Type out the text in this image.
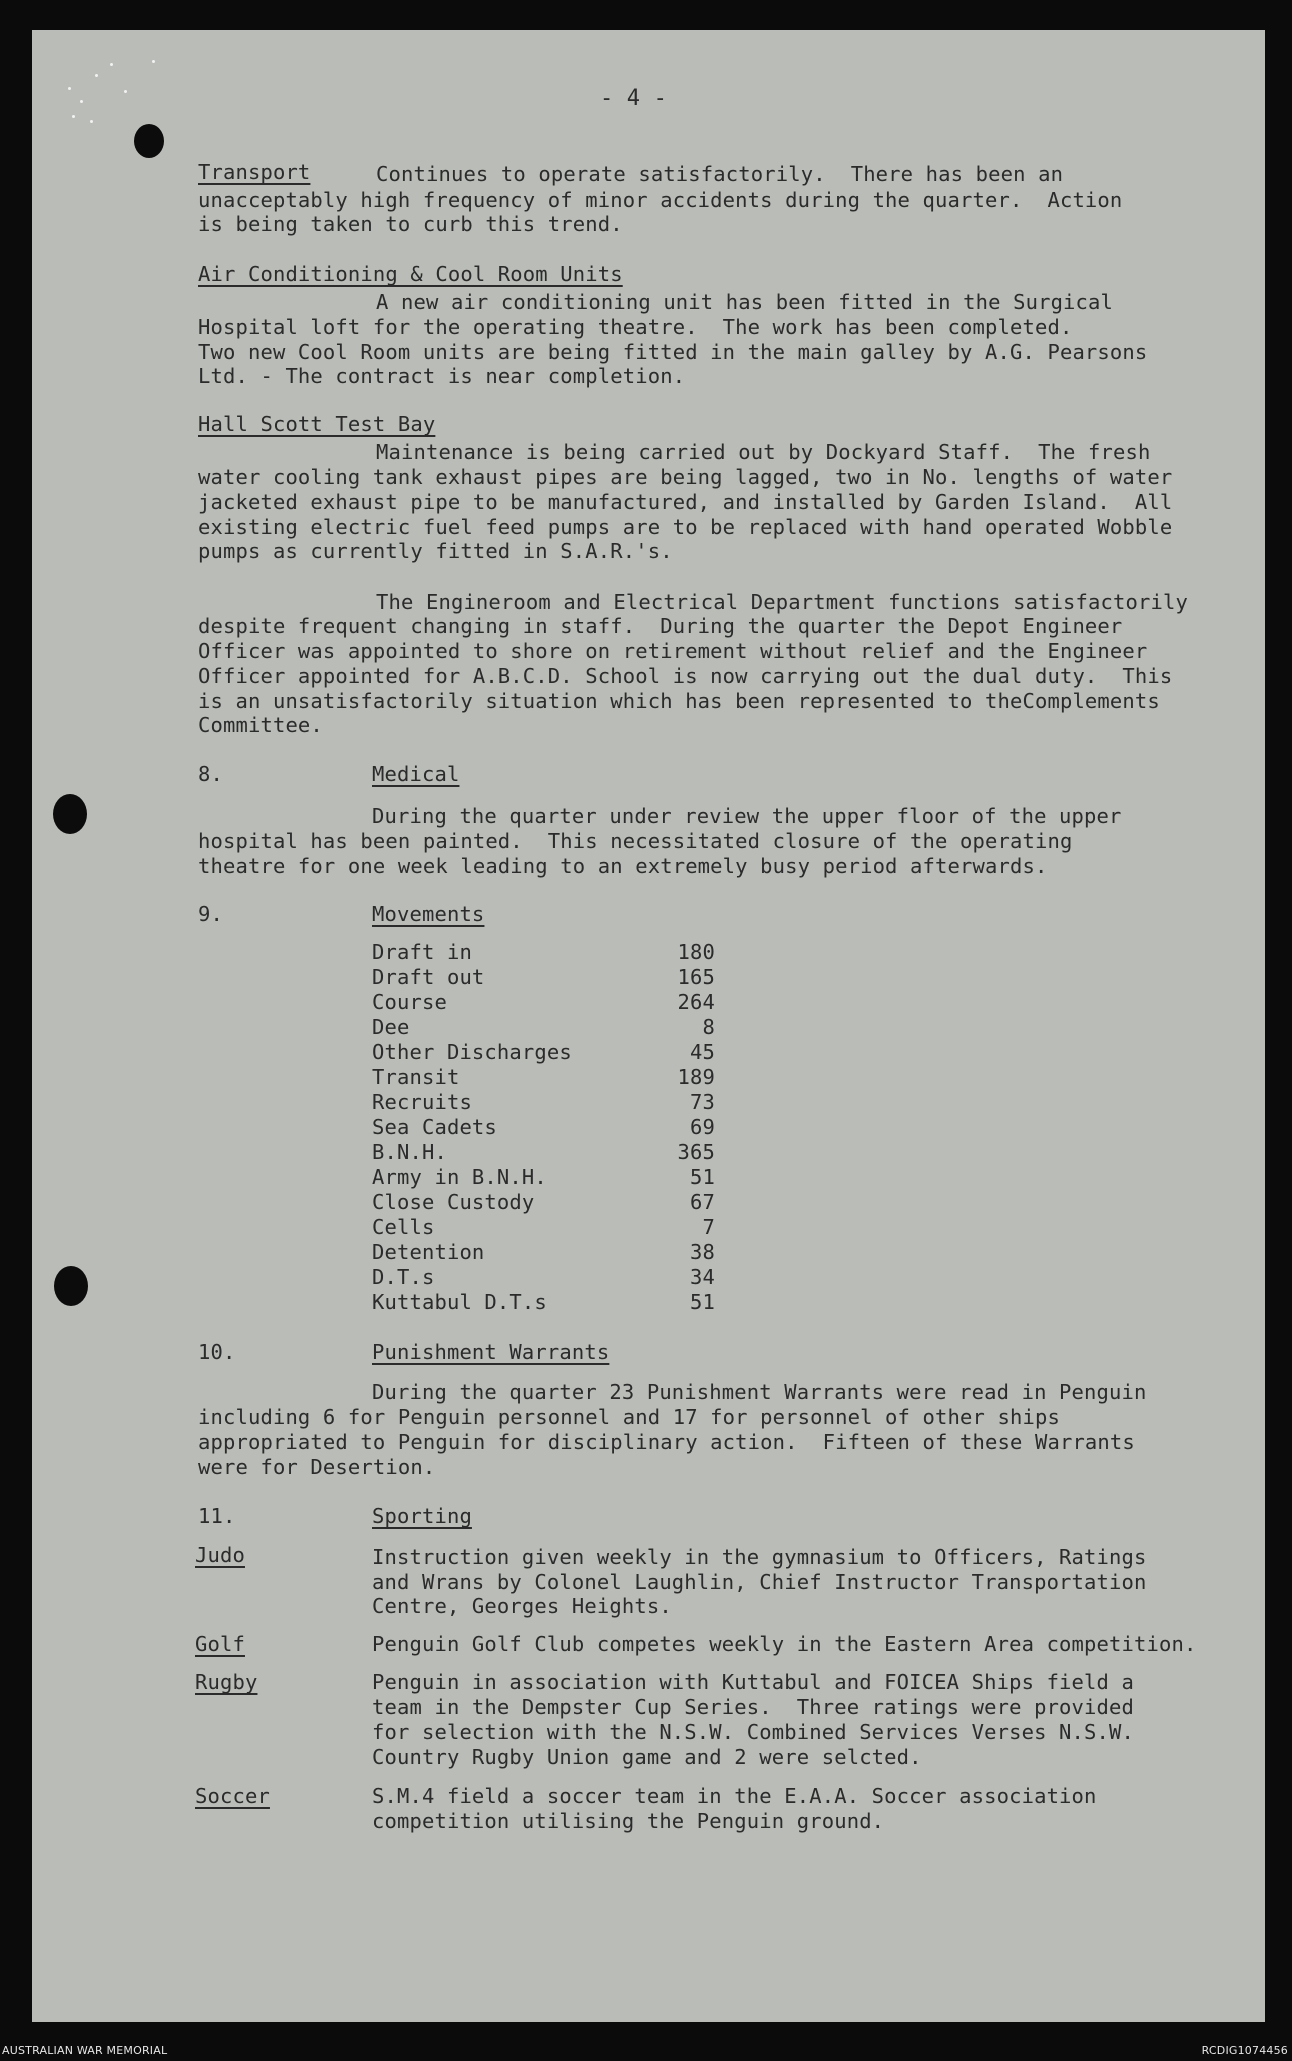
- 4 -
Transport	Continues to operate satisfactorily.  There has been an
unacceptably high frequency of minor accidents during the quarter.  Action
is being taken to curb this trend.
Air Conditioning & Cool Room Units
A new air conditioning unit has been fitted in the Surgical
Hospital loft for the operating theatre.  The work has been completed.
Two new Cool Room units are being fitted in the main galley by A.G. Pearsons
Ltd. - The contract is near completion.
Hall Scott Test Bay
Maintenance is being carried out by Dockyard Staff.  The fresh
water cooling tank exhaust pipes are being lagged, two in No. lengths of water
jacketed exhaust pipe to be manufactured, and installed by Garden Island.  All
existing electric fuel feed pumps are to be replaced with hand operated Wobble
pumps as currently fitted in S.A.R.'s.
The Engineroom and Electrical Department functions satisfactorily
despite frequent changing in staff.  During the quarter the Depot Engineer
Officer was appointed to shore on retirement without relief and the Engineer
Officer appointed for A.B.C.D. School is now carrying out the dual duty.  This
is an unsatisfactorily situation which has been represented to theComplements
Committee.
8.	Medical
During the quarter under review the upper floor of the upper
hospital has been painted.  This necessitated closure of the operating
theatre for one week leading to an extremely busy period afterwards.
9.	Movements
Draft in	180
Draft out	165
Course	264
Dee	8
Other Discharges	45
Transit	189
Recruits	73
Sea Cadets	69
B.N.H.	365
Army in B.N.H.	51
Close Custody	67
Cells	7
Detention	38
D.T.s	34
Kuttabul D.T.s	51
10.	Punishment Warrants
During the quarter 23 Punishment Warrants were read in Penguin
including 6 for Penguin personnel and 17 for personnel of other ships
appropriated to Penguin for disciplinary action.  Fifteen of these Warrants
were for Desertion.
11.	Sporting
Judo	Instruction given weekly in the gymnasium to Officers, Ratings
and Wrans by Colonel Laughlin, Chief Instructor Transportation
Centre, Georges Heights.
Golf	Penguin Golf Club competes weekly in the Eastern Area competition.
Rugby	Penguin in association with Kuttabul and FOICEA Ships field a
team in the Dempster Cup Series.  Three ratings were provided
for selection with the N.S.W. Combined Services Verses N.S.W.
Country Rugby Union game and 2 were selcted.
Soccer	S.M.4 field a soccer team in the E.A.A. Soccer association
competition utilising the Penguin ground.
AUSTRALIAN WAR MEMORIAL	RCDIG1074456
